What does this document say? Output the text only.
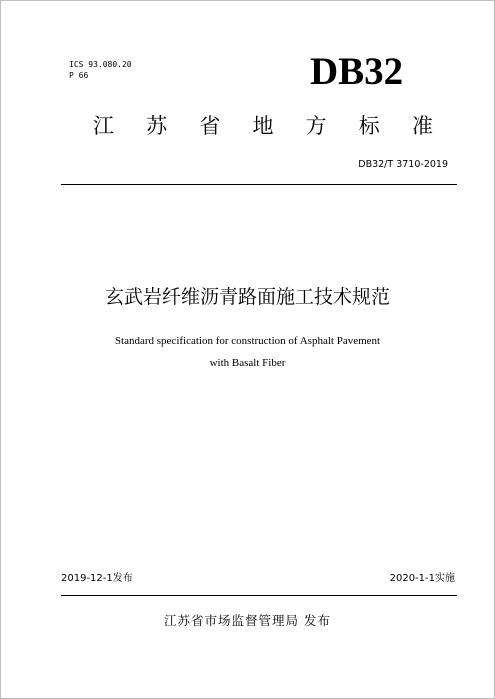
ICS 93.080.20
P 66	DB32
江 苏 省 地 方 标 准
DB32/T 3710-2019
玄武岩纤维沥青路面施工技术规范
Standard specification for construction of Asphalt Pavement
with Basalt Fiber
2019-12-1发布	2020-1-1实施
江苏省市场监督管理局 发布
